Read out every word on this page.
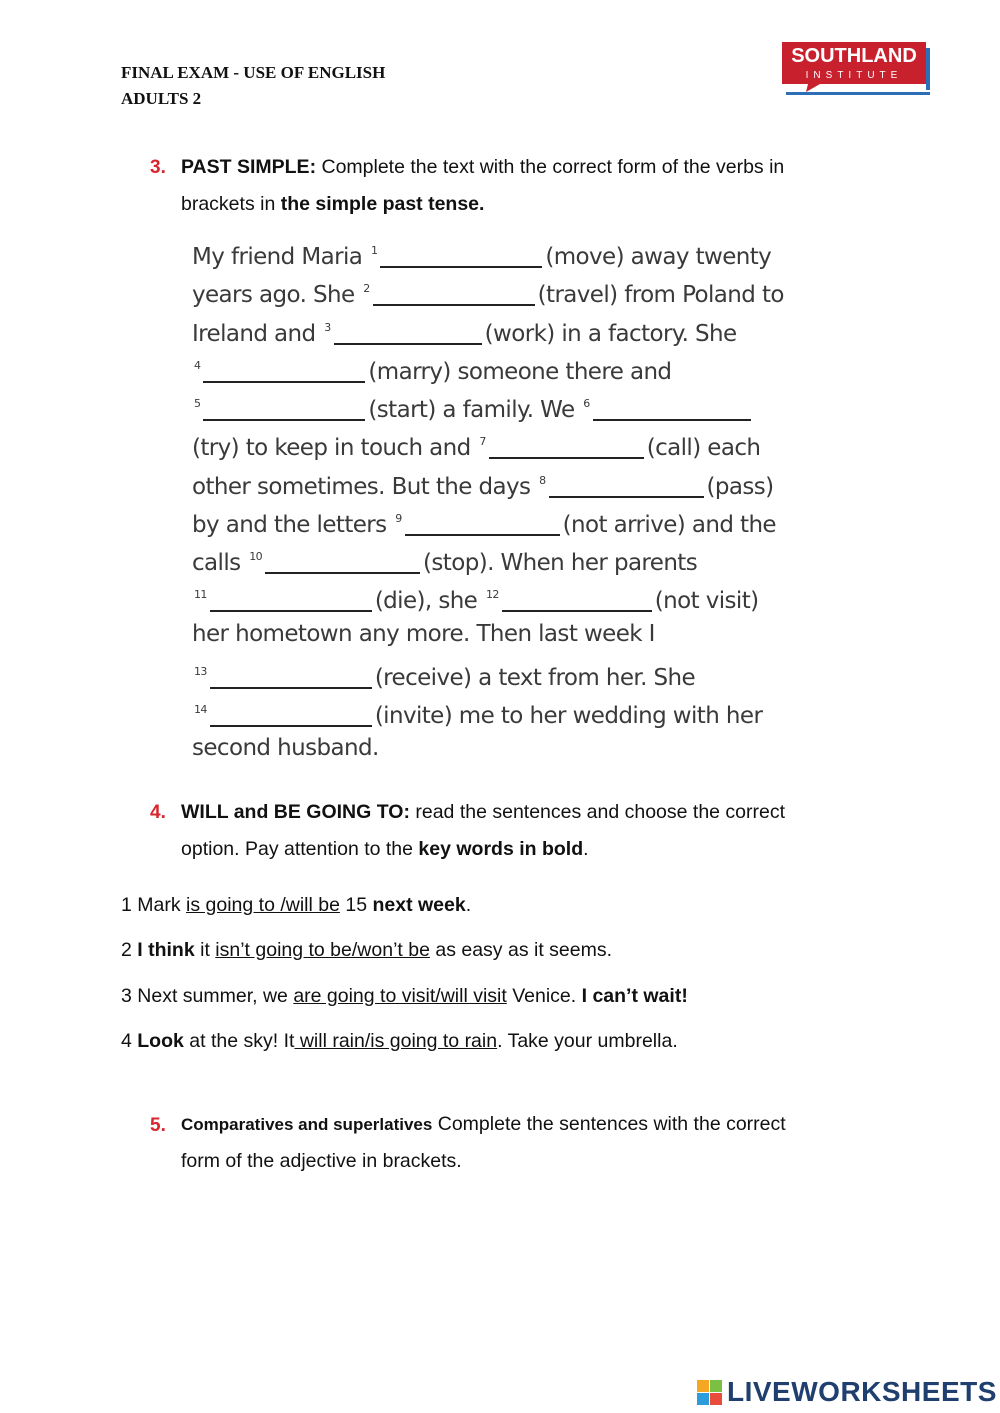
FINAL EXAM - USE OF ENGLISH
ADULTS 2
SOUTHLAND
INSTITUTE
3. PAST SIMPLE: Complete the text with the correct form of the verbs in
brackets in the simple past tense.
My friend Maria $^1$	(move) away twenty
years ago. She $^2$	(travel) from Poland to
Ireland and $^3$	(work) in a factory. She
$^4$	(marry) someone there and
$^5$	(start) a family. We $^6$
(try) to keep in touch and $^7$	(call) each
other sometimes. But the days $^8$	(pass)
by and the letters $^9$	(not arrive) and the
calls $^{10}$	(stop). When her parents
$^{11}$	(die), she $^{12}$	(not visit)
her hometown any more. Then last week I
$^{13}$	(receive) a text from her. She
$^{14}$	(invite) me to her wedding with her
second husband.
4. WILL and BE GOING TO: read the sentences and choose the correct
option. Pay attention to the key words in bold.
1 Mark is going to /will be 15 next week.
2 I think it isn’t going to be/won’t be as easy as it seems.
3 Next summer, we are going to visit/will visit Venice. I can’t wait!
4 Look at the sky! It will rain/is going to rain. Take your umbrella.
5. Comparatives and superlatives Complete the sentences with the correct
form of the adjective in brackets.
LIVEWORKSHEETS
